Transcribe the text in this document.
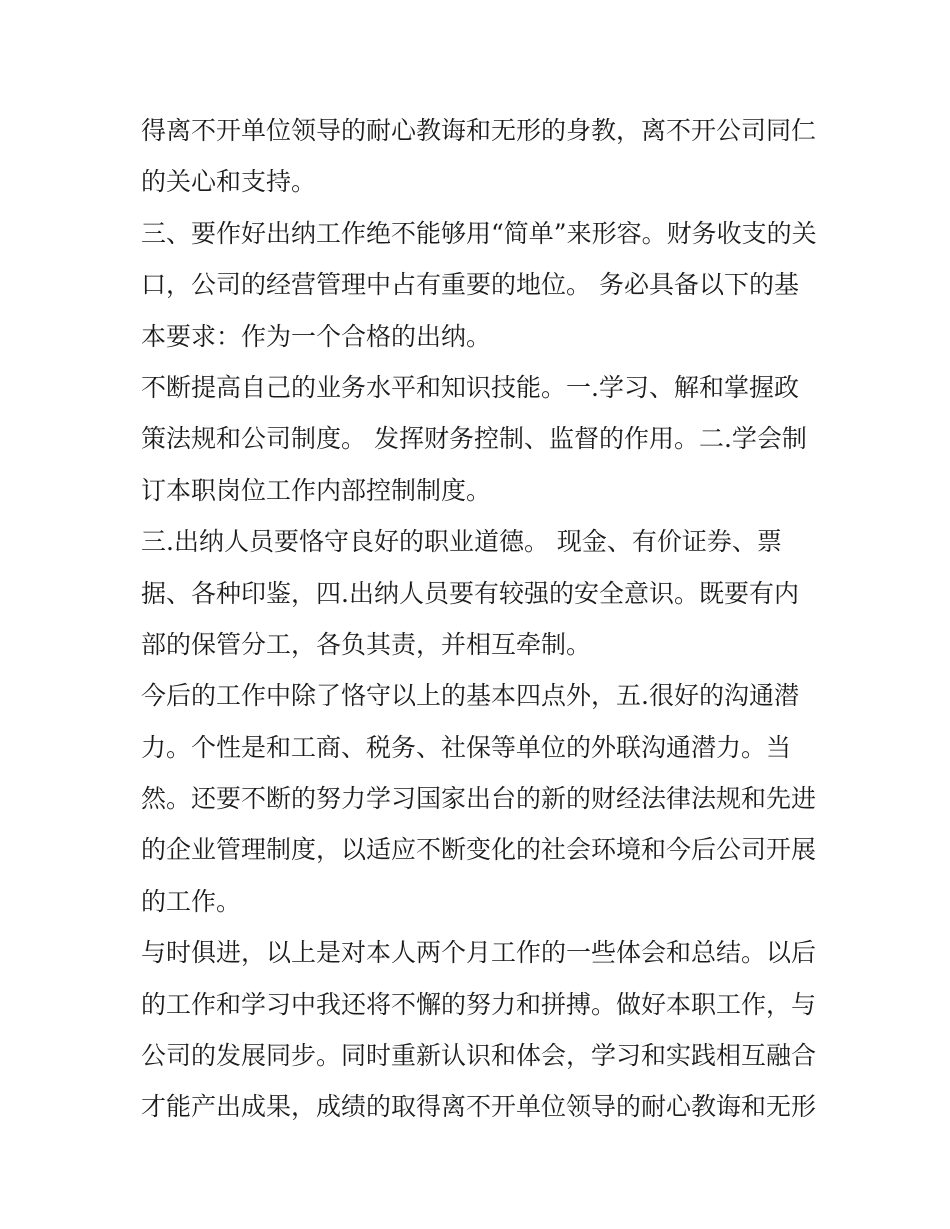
得离不开单位领导的耐心教诲和无形的身教，离不开公司同仁
的关心和支持。
三、要作好出纳工作绝不能够用“简单”来形容。财务收支的关
口，公司的经营管理中占有重要的地位。 务必具备以下的基
本要求：作为一个合格的出纳。
不断提高自己的业务水平和知识技能。一.学习、解和掌握政
策法规和公司制度。 发挥财务控制、监督的作用。二.学会制
订本职岗位工作内部控制制度。
三.出纳人员要恪守良好的职业道德。 现金、有价证券、票
据、各种印鉴，四.出纳人员要有较强的安全意识。既要有内
部的保管分工，各负其责，并相互牵制。
今后的工作中除了恪守以上的基本四点外，五.很好的沟通潜
力。个性是和工商、税务、社保等单位的外联沟通潜力。当
然。还要不断的努力学习国家出台的新的财经法律法规和先进
的企业管理制度，以适应不断变化的社会环境和今后公司开展
的工作。
与时俱进，以上是对本人两个月工作的一些体会和总结。以后
的工作和学习中我还将不懈的努力和拼搏。做好本职工作，与
公司的发展同步。同时重新认识和体会，学习和实践相互融合
才能产出成果，成绩的取得离不开单位领导的耐心教诲和无形
